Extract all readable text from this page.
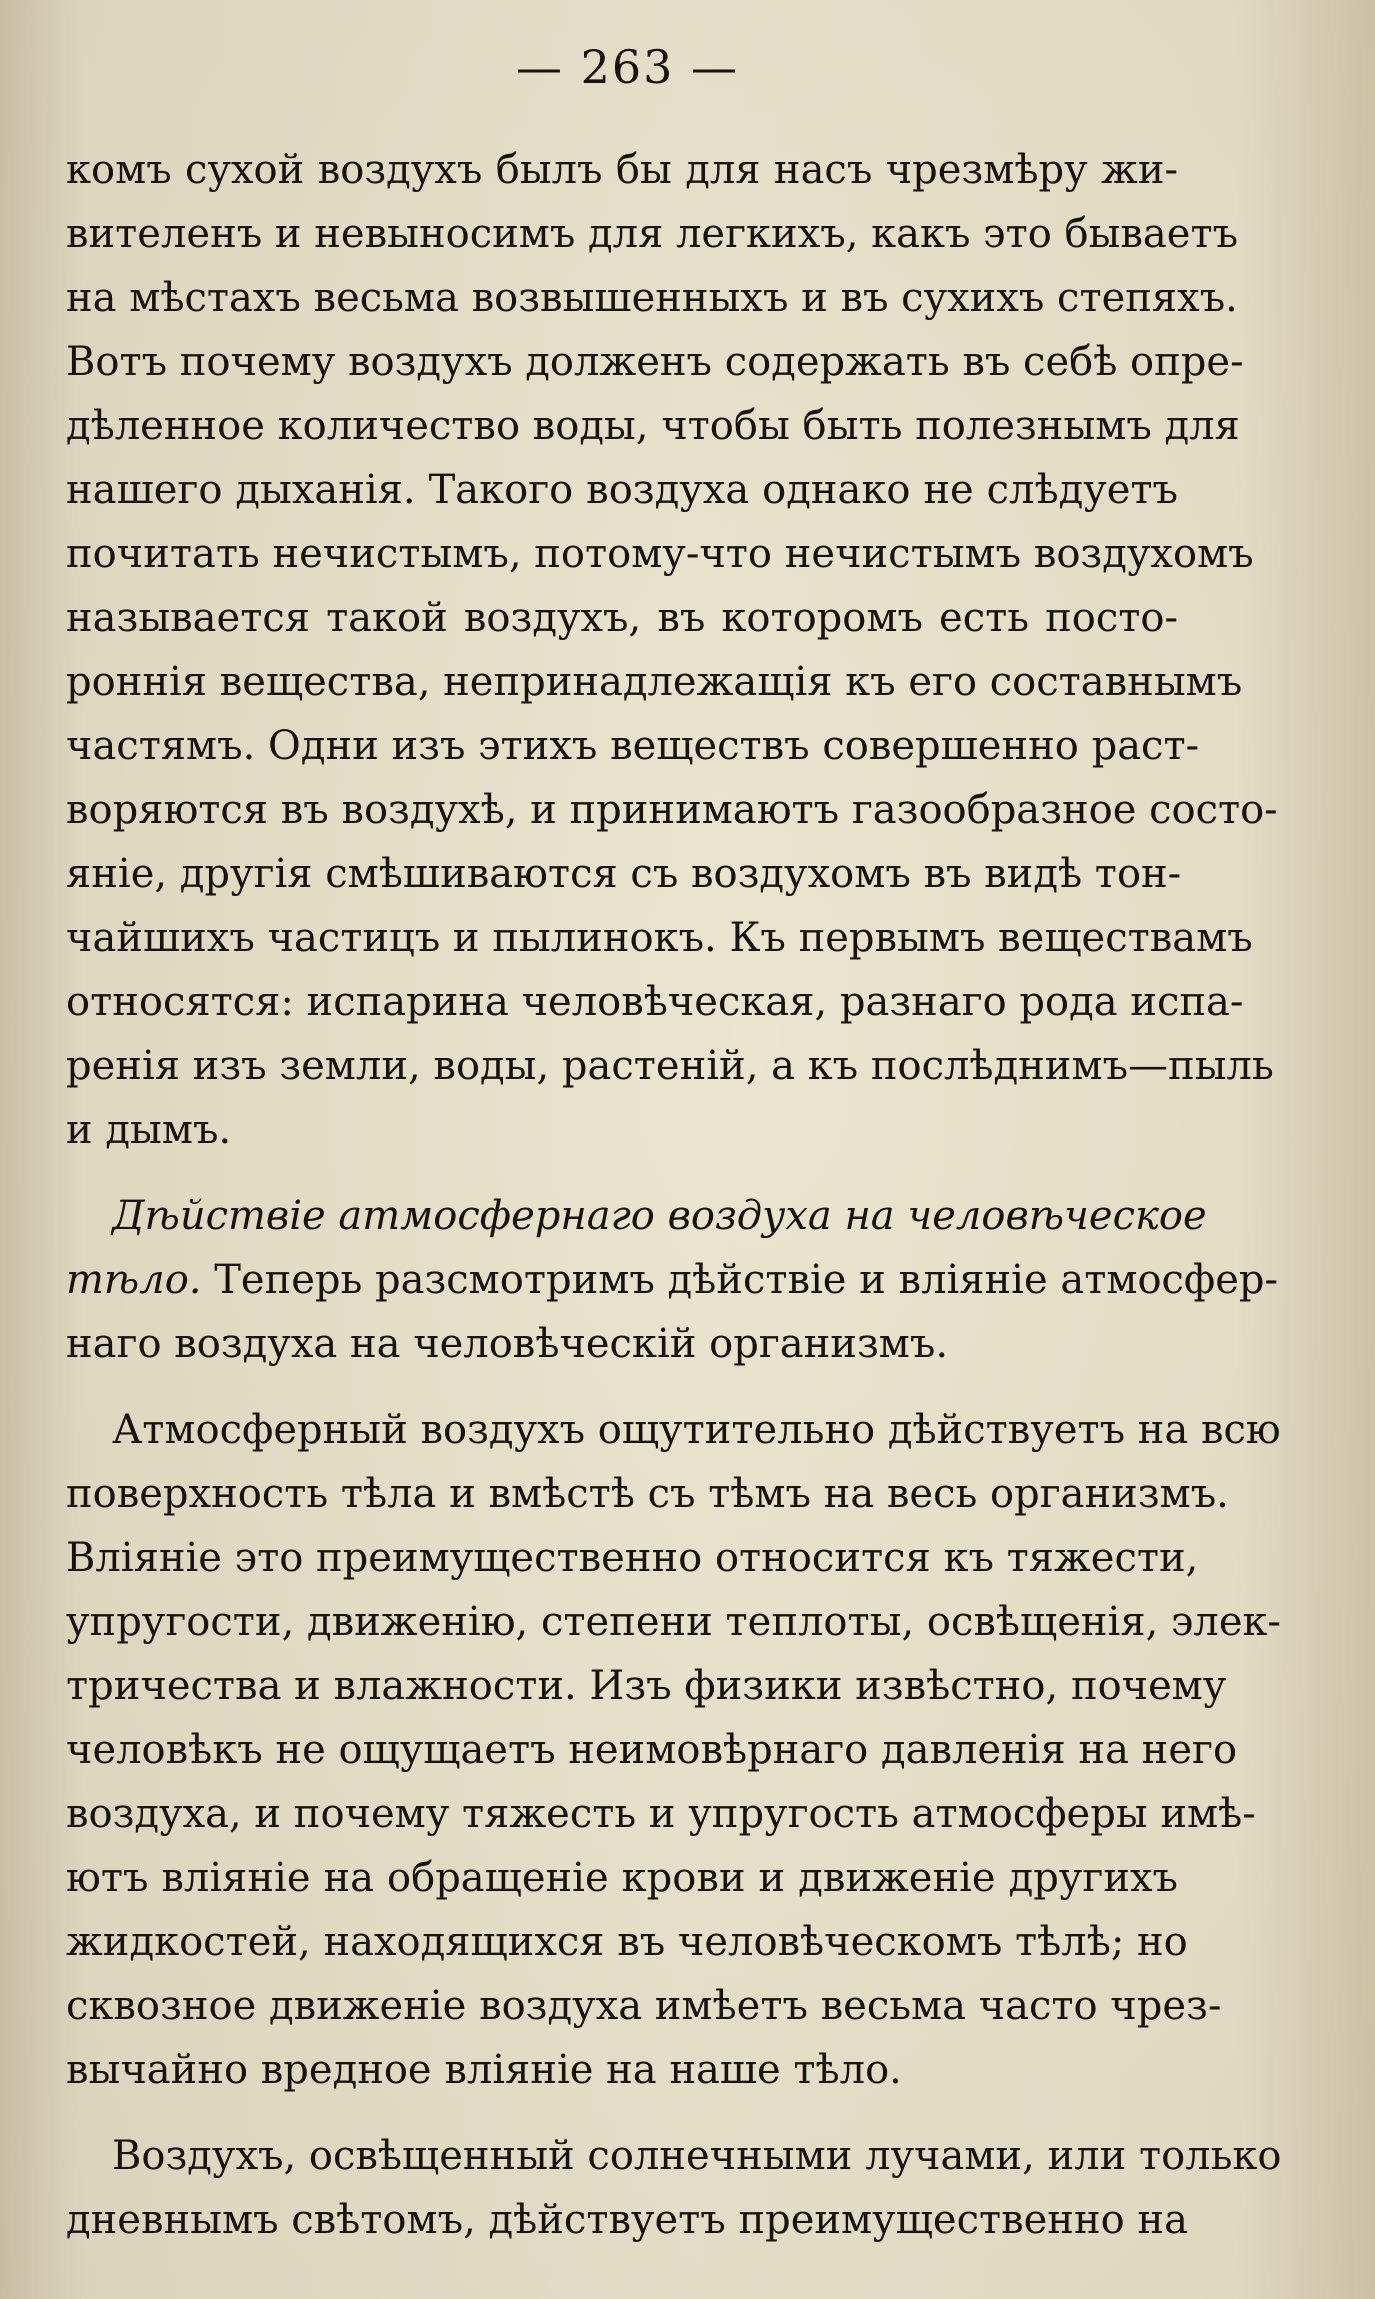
— 263 —
комъ сухой воздухъ былъ бы для насъ чрезмѣру жи-
вителенъ и невыносимъ для легкихъ, какъ это бываетъ
на мѣстахъ весьма возвышенныхъ и въ сухихъ степяхъ.
Вотъ почему воздухъ долженъ содержать въ себѣ опре-
дѣленное количество воды, чтобы быть полезнымъ для
нашего дыханія. Такого воздуха однако не слѣдуетъ
почитать нечистымъ, потому-что нечистымъ воздухомъ
называется такой воздухъ, въ которомъ есть посто-
роннія вещества, непринадлежащія къ его составнымъ
частямъ. Одни изъ этихъ веществъ совершенно раст-
воряются въ воздухѣ, и принимаютъ газообразное состо-
яніе, другія смѣшиваются съ воздухомъ въ видѣ тон-
чайшихъ частицъ и пылинокъ. Къ первымъ веществамъ
относятся: испарина человѣческая, разнаго рода испа-
ренія изъ земли, воды, растеній, а къ послѣднимъ—пыль
и дымъ.
Дѣйствіе атмосфернаго воздуха на человѣческое
тѣло. Теперь разсмотримъ дѣйствіе и вліяніе атмосфер-
наго воздуха на человѣческій организмъ.
Атмосферный воздухъ ощутительно дѣйствуетъ на всю
поверхность тѣла и вмѣстѣ съ тѣмъ на весь организмъ.
Вліяніе это преимущественно относится къ тяжести,
упругости, движенію, степени теплоты, освѣщенія, элек-
тричества и влажности. Изъ физики извѣстно, почему
человѣкъ не ощущаетъ неимовѣрнаго давленія на него
воздуха, и почему тяжесть и упругость атмосферы имѣ-
ютъ вліяніе на обращеніе крови и движеніе другихъ
жидкостей, находящихся въ человѣческомъ тѣлѣ; но
сквозное движеніе воздуха имѣетъ весьма часто чрез-
вычайно вредное вліяніе на наше тѣло.
Воздухъ, освѣщенный солнечными лучами, или только
дневнымъ свѣтомъ, дѣйствуетъ преимущественно на
